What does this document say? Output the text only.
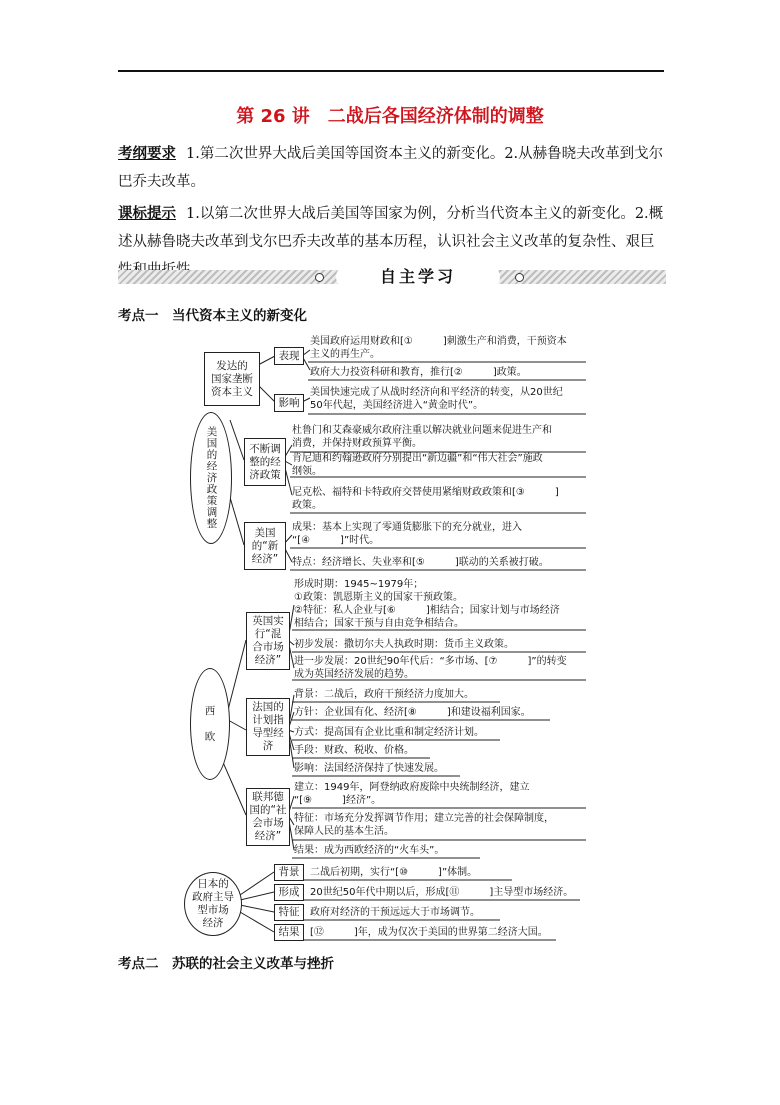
第 26 讲　二战后各国经济体制的调整
考纲要求 1.第二次世界大战后美国等国资本主义的新变化。2.从赫鲁晓夫改革到戈尔巴乔夫改革。
课标提示 1.以第二次世界大战后美国等国家为例，分析当代资本主义的新变化。2.概述从赫鲁晓夫改革到戈尔巴乔夫改革的基本历程，认识社会主义改革的复杂性、艰巨
自主学习
考点一　当代资本主义的新变化
美国的经济政策调整
发达的
国家垄断
资本主义
表现
美国政府运用财政和[①　　　]刺激生产和消费，干预资本
主义的再生产。
政府大力投资科研和教育，推行[②　　　]政策。
影响
美国快速完成了从战时经济向和平经济的转变，从20世纪
50年代起，美国经济进入“黄金时代”。
不断调
整的经
济政策
杜鲁门和艾森豪威尔政府注重以解决就业问题来促进生产和
消费，并保持财政预算平衡。
肯尼迪和约翰逊政府分别提出“新边疆”和“伟大社会”施政
纲领。
尼克松、福特和卡特政府交替使用紧缩财政政策和[③　　　]
政策。
美国
的“新
经济”
成果：基本上实现了零通货膨胀下的充分就业，进入
“[④　　　]”时代。
特点：经济增长、失业率和[⑤　　　]联动的关系被打破。
西

欧
英国实
行“混
合市场
经济”
形成时期：1945~1979年；
①政策：凯恩斯主义的国家干预政策。
②特征：私人企业与[⑥　　　]相结合；国家计划与市场经济
相结合；国家干预与自由竞争相结合。
初步发展：撒切尔夫人执政时期：货币主义政策。
进一步发展：20世纪90年代后：“多市场、[⑦　　　]”的转变
成为英国经济发展的趋势。
法国的
计划指
导型经
济
背景：二战后，政府干预经济力度加大。
方针：企业国有化、经济[⑧　　　]和建设福利国家。
方式：提高国有企业比重和制定经济计划。
手段：财政、税收、价格。
影响：法国经济保持了快速发展。
联邦德
国的“社
会市场
经济”
建立：1949年，阿登纳政府废除中央统制经济，建立
“[⑨　　　]经济”。
特征：市场充分发挥调节作用；建立完善的社会保障制度，
保障人民的基本生活。
结果：成为西欧经济的“火车头”。
日本的
政府主导
型市场
经济
背景	二战后初期，实行“[⑩　　　]”体制。
形成	20世纪50年代中期以后，形成[⑪　　　]主导型市场经济。
特征	政府对经济的干预远远大于市场调节。
结果	[⑫　　　]年，成为仅次于美国的世界第二经济大国。
考点二　苏联的社会主义改革与挫折
